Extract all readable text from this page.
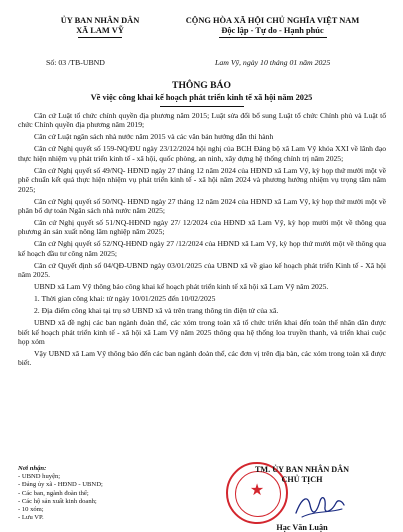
ỦY BAN NHÂN DÂN
XÃ LAM VỸ
CỘNG HÒA XÃ HỘI CHỦ NGHĨA VIỆT NAM
Độc lập - Tự do - Hạnh phúc
Số: 03 /TB-UBND	Lam Vỹ, ngày 10 tháng 01 năm 2025
THÔNG BÁO
Về việc công khai kế hoạch phát triển kinh tế xã hội năm 2025

Căn cứ Luật tổ chức chính quyền địa phương năm 2015; Luật sửa đổi bổ sung Luật tổ chức Chính phủ và Luật tổ chức Chính quyền địa phương năm 2019;

Căn cứ Luật ngân sách nhà nước năm 2015 và các văn bản hướng dẫn thi hành

Căn cứ Nghị quyết số 159-NQ/ĐU ngày 23/12/2024 hội nghị của BCH Đảng bộ xã Lam Vỹ khóa XXI về lãnh đạo thực hiện nhiệm vụ phát triển kinh tế - xã hội, quốc phòng, an ninh, xây dựng hệ thống chính trị năm 2025;

Căn cứ Nghị quyết số 49/NQ- HĐND ngày 27 tháng 12 năm 2024 của HĐND xã Lam Vỹ, kỳ họp thứ mười một về phê chuẩn kết quả thực hiện nhiệm vụ phát triển kinh tế - xã hội năm 2024 và phương hướng nhiệm vụ trọng tâm năm 2025;

Căn cứ Nghị quyết số 50/NQ- HĐND ngày 27 tháng 12 năm 2024 của HĐND xã Lam Vỹ, kỳ họp thứ mười một về phân bổ dự toán Ngân sách nhà nước năm 2025;

Căn cứ Nghị quyết số 51/NQ-HĐND ngày 27/ 12/2024 của HĐND xã Lam Vỹ, kỳ họp mười một về thông qua phương án sản xuất nông lâm nghiệp năm 2025;

Căn cứ Nghị quyết số 52/NQ-HĐND ngày 27 /12/2024 của HĐND xã Lam Vỹ, kỳ họp thứ mười một về thông qua kế hoạch đầu tư công năm 2025;

Căn cứ Quyết định số 04/QĐ-UBND ngày 03/01/2025 của UBND xã về giao kế hoạch phát triển Kinh tế - Xã hội năm 2025.

UBND xã Lam Vỹ thông báo công khai kế hoạch phát triển kinh tế xã hội xã Lam Vỹ năm 2025.

1. Thời gian công khai: từ ngày 10/01/2025 đến 10/02/2025

2. Địa điểm công khai tại trụ sở UBND xã và trên trang thông tin điện tử của xã.

UBND xã đề nghị các ban ngành đoàn thể, các xóm trong toàn xã tổ chức triển khai đến toàn thể nhân dân được biết kế hoạch phát triển kinh tế - xã hội xã Lam Vỹ năm 2025 thông qua hệ thống loa truyền thanh, và triển khai cuộc họp xóm

Vậy UBND xã Lam Vỹ thông báo đến các ban ngành đoàn thể, các đơn vị trên địa bàn, các xóm trong toàn xã được biết.

Nơi nhận:
- UBND huyện;
- Đảng ủy xã - HĐND - UBND;
- Các ban, ngành đoàn thể;
- Các hộ sản xuất kinh doanh;
- 10 xóm;
- Lưu VP.
★
TM. ỦY BAN NHÂN DÂN
CHỦ TỊCH
Hạc Văn Luận
